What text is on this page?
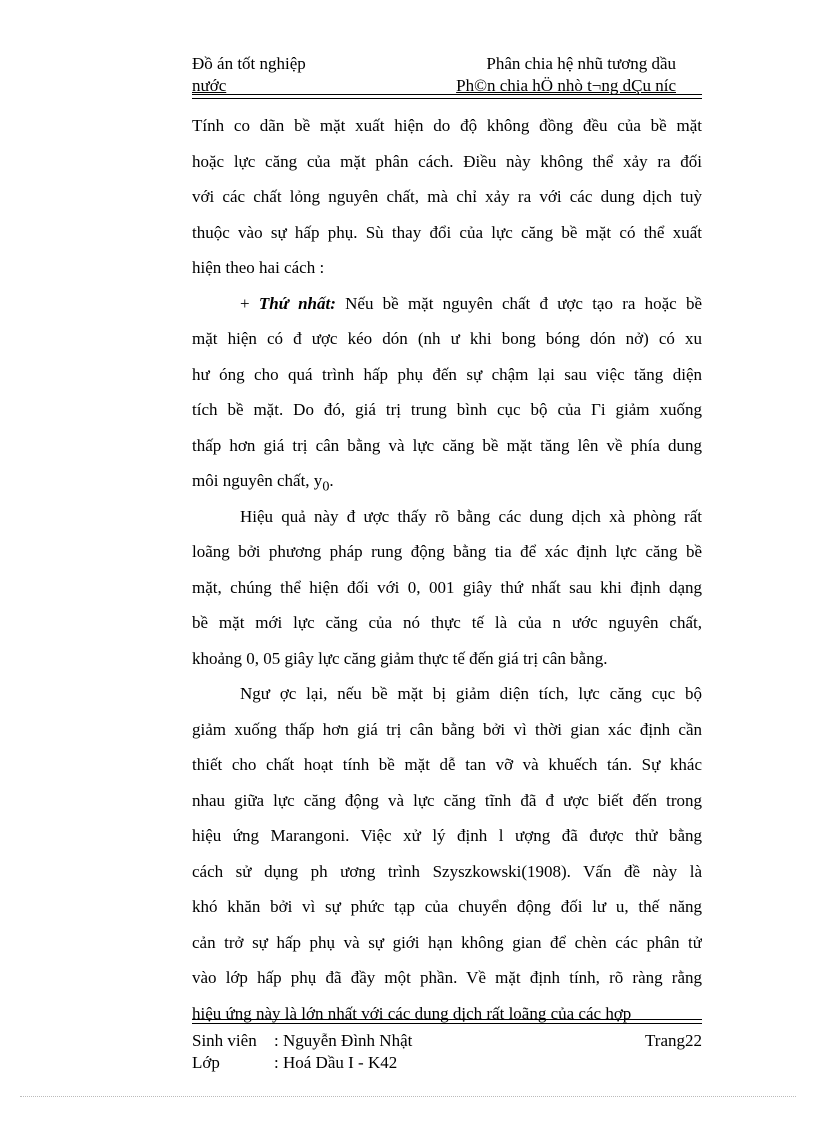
Đồ án tốt nghiệp	Phân chia hệ nhũ tương dầu
nước	Ph©n chia hÖ nhò t¬ng dÇu níc
Tính co dãn bề mặt xuất hiện do độ không đồng đều của bề mặt
hoặc lực căng của mặt phân cách. Điều này không thể xảy ra đối
với các chất lỏng nguyên chất, mà chỉ xảy ra với các dung dịch tuỳ
thuộc vào sự hấp phụ. Sù thay đổi của lực căng bề mặt có thể xuất
hiện theo hai cách :
+ Thứ nhất: Nếu bề mặt nguyên chất đ ược tạo ra hoặc bề
mặt hiện có đ ược kéo dón (nh ư khi bong bóng dón nở) có xu
hư óng cho quá trình hấp phụ đến sự chậm lại sau việc tăng diện
tích bề mặt. Do đó, giá trị trung bình cục bộ của Γi giảm xuống
thấp hơn giá trị cân bằng và lực căng bề mặt tăng lên về phía dung
môi nguyên chất, $y_0$.
Hiệu quả này đ ược thấy rõ bằng các dung dịch xà phòng rất
loãng bởi phương pháp rung động bằng tia để xác định lực căng bề
mặt, chúng thể hiện đối với 0, 001 giây thứ nhất sau khi định dạng
bề mặt mới lực căng của nó thực tế là của n ước nguyên chất,
khoảng 0, 05 giây lực căng giảm thực tế đến giá trị cân bằng.
Ngư ợc lại, nếu bề mặt bị giảm diện tích, lực căng cục bộ
giảm xuống thấp hơn giá trị cân bằng bởi vì thời gian xác định cần
thiết cho chất hoạt tính bề mặt dễ tan vỡ và khuếch tán. Sự khác
nhau giữa lực căng động và lực căng tĩnh đã đ ược biết đến trong
hiệu ứng Marangoni. Việc xử lý định l ượng đã được thử bằng
cách sử dụng ph ương trình Szyszkowski(1908). Vấn đề này là
khó khăn bởi vì sự phức tạp của chuyển động đối lư u, thế năng
cản trở sự hấp phụ và sự giới hạn không gian để chèn các phân tử
vào lớp hấp phụ đã đầy một phần. Về mặt định tính, rõ ràng rằng
hiệu ứng này là lớn nhất với các dung dịch rất loãng của các hợp
Sinh viên	: Nguyễn Đình Nhật	Trang22
Lớp	: Hoá Dầu I - K42
